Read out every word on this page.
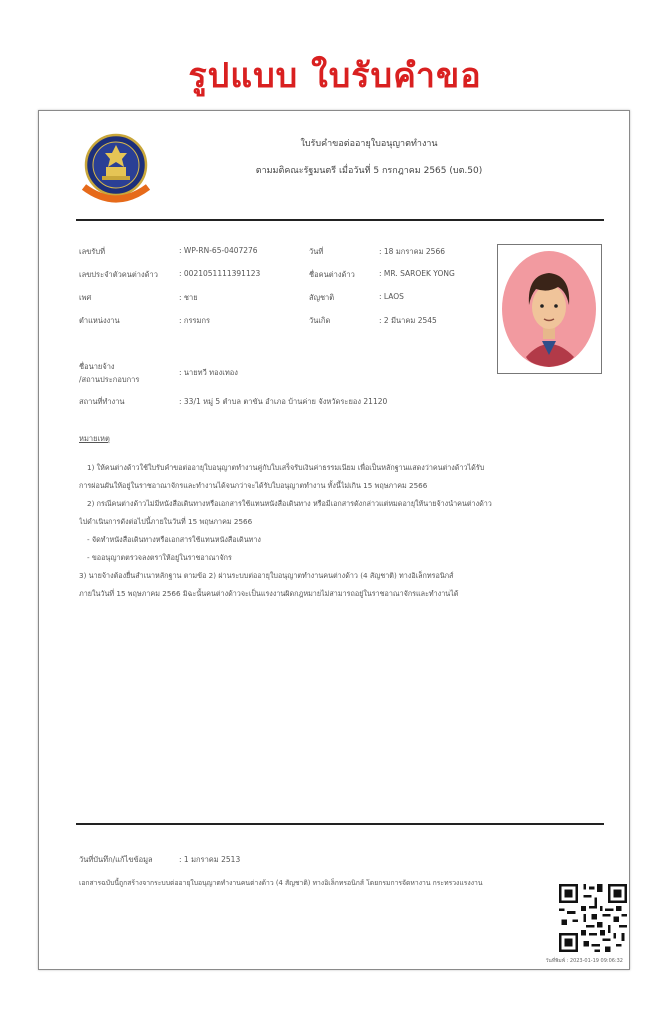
รูปแบบ ใบรับคำขอ
ใบรับคำขอต่ออายุใบอนุญาตทำงาน
ตามมติคณะรัฐมนตรี เมื่อวันที่ 5 กรกฎาคม 2565 (บต.50)
เลขรับที่	: WP-RN-65-0407276	วันที่	: 18 มกราคม 2566
เลขประจำตัวคนต่างด้าว	: 0021051111391123	ชื่อคนต่างด้าว	: MR. SAROEK YONG
เพศ	: ชาย	สัญชาติ	: LAOS
ตำแหน่งงาน	: กรรมกร	วันเกิด	: 2 มีนาคม 2545
ชื่อนายจ้าง
/สถานประกอบการ
: นายทวี ทองเทอง
สถานที่ทำงาน	: 33/1 หมู่ 5 ตำบล ตาขัน อำเภอ บ้านค่าย จังหวัดระยอง 21120
หมายเหตุ
1) ให้คนต่างด้าวใช้ใบรับคำขอต่ออายุใบอนุญาตทำงานคู่กับใบเสร็จรับเงินค่าธรรมเนียม เพื่อเป็นหลักฐานแสดงว่าคนต่างด้าวได้รับ
การผ่อนผันให้อยู่ในราชอาณาจักรและทำงานได้จนกว่าจะได้รับใบอนุญาตทำงาน ทั้งนี้ไม่เกิน 15 พฤษภาคม 2566
2) กรณีคนต่างด้าวไม่มีหนังสือเดินทางหรือเอกสารใช้แทนหนังสือเดินทาง หรือมีเอกสารดังกล่าวแต่หมดอายุให้นายจ้างนำคนต่างด้าว
ไปดำเนินการดังต่อไปนี้ภายในวันที่ 15 พฤษภาคม 2566
- จัดทำหนังสือเดินทางหรือเอกสารใช้แทนหนังสือเดินทาง
- ขออนุญาตตรวจลงตราให้อยู่ในราชอาณาจักร
3) นายจ้างต้องยื่นสำเนาหลักฐาน ตามข้อ 2) ผ่านระบบต่ออายุใบอนุญาตทำงานคนต่างด้าว (4 สัญชาติ) ทางอิเล็กทรอนิกส์
ภายในวันที่ 15 พฤษภาคม 2566 มิฉะนั้นคนต่างด้าวจะเป็นแรงงานผิดกฎหมายไม่สามารถอยู่ในราชอาณาจักรและทำงานได้
วันที่บันทึก/แก้ไขข้อมูล	: 1 มกราคม 2513
เอกสารฉบับนี้ถูกสร้างจากระบบต่ออายุใบอนุญาตทำงานคนต่างด้าว (4 สัญชาติ) ทางอิเล็กทรอนิกส์ โดยกรมการจัดหางาน กระทรวงแรงงาน
วันที่พิมพ์ : 2023-01-19 09:06:32
